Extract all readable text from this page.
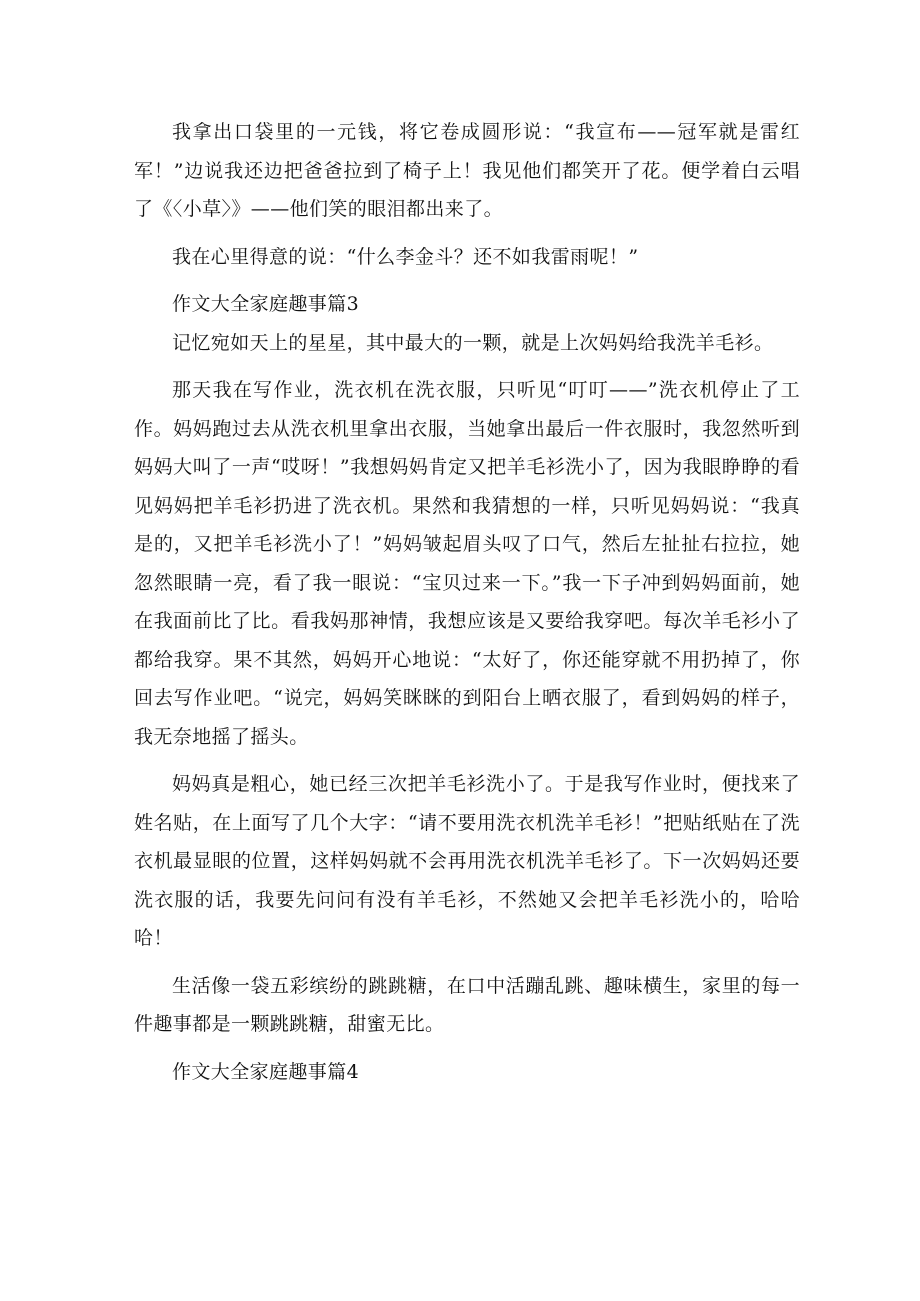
我拿出口袋里的一元钱，将它卷成圆形说：“我宣布——冠军就是雷红军！”边说我还边把爸爸拉到了椅子上！我见他们都笑开了花。便学着白云唱了《〈小草〉》——他们笑的眼泪都出来了。

我在心里得意的说：“什么李金斗？还不如我雷雨呢！”

作文大全家庭趣事篇3

记忆宛如天上的星星，其中最大的一颗，就是上次妈妈给我洗羊毛衫。

那天我在写作业，洗衣机在洗衣服，只听见“叮叮——”洗衣机停止了工作。妈妈跑过去从洗衣机里拿出衣服，当她拿出最后一件衣服时，我忽然听到妈妈大叫了一声“哎呀！”我想妈妈肯定又把羊毛衫洗小了，因为我眼睁睁的看见妈妈把羊毛衫扔进了洗衣机。果然和我猜想的一样，只听见妈妈说：“我真是的，又把羊毛衫洗小了！”妈妈皱起眉头叹了口气，然后左扯扯右拉拉，她忽然眼睛一亮，看了我一眼说：“宝贝过来一下。”我一下子冲到妈妈面前，她在我面前比了比。看我妈那神情，我想应该是又要给我穿吧。每次羊毛衫小了都给我穿。果不其然，妈妈开心地说：“太好了，你还能穿就不用扔掉了，你回去写作业吧。“说完，妈妈笑眯眯的到阳台上晒衣服了，看到妈妈的样子，我无奈地摇了摇头。

妈妈真是粗心，她已经三次把羊毛衫洗小了。于是我写作业时，便找来了姓名贴，在上面写了几个大字：“请不要用洗衣机洗羊毛衫！”把贴纸贴在了洗衣机最显眼的位置，这样妈妈就不会再用洗衣机洗羊毛衫了。下一次妈妈还要洗衣服的话，我要先问问有没有羊毛衫，不然她又会把羊毛衫洗小的，哈哈哈！

生活像一袋五彩缤纷的跳跳糖，在口中活蹦乱跳、趣味横生，家里的每一件趣事都是一颗跳跳糖，甜蜜无比。

作文大全家庭趣事篇4
